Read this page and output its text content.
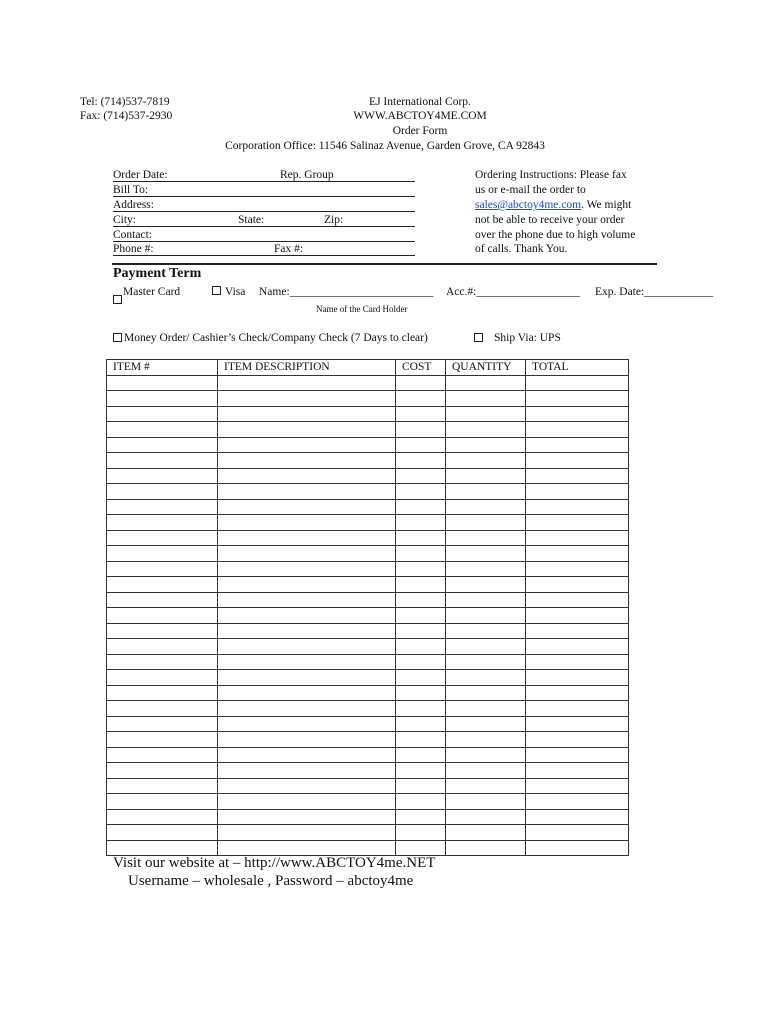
Tel: (714)537-7819
Fax: (714)537-2930
EJ International Corp.
WWW.ABCTOY4ME.COM
Order Form
Corporation Office: 11546 Salinaz Avenue, Garden Grove, CA 92843
Order Date:	Rep. Group
Bill To:
Address:
City:	State:	Zip:
Contact:
Phone #:	Fax #:
Ordering Instructions: Please fax
us or e-mail the order to
sales@abctoy4me.com. We might
not be able to receive your order
over the phone due to high volume
of calls. Thank You.
Payment Term
Master Card	Visa Name:_________________________ Acc.#:__________________ Exp. Date:____________
Name of the Card Holder
Money Order/ Cashier’s Check/Company Check (7 Days to clear)	Ship Via: UPS
ITEM #	ITEM DESCRIPTION	COST	QUANTITY	TOTAL

Visit our website at – http://www.ABCTOY4me.NET
Username – wholesale , Password – abctoy4me
